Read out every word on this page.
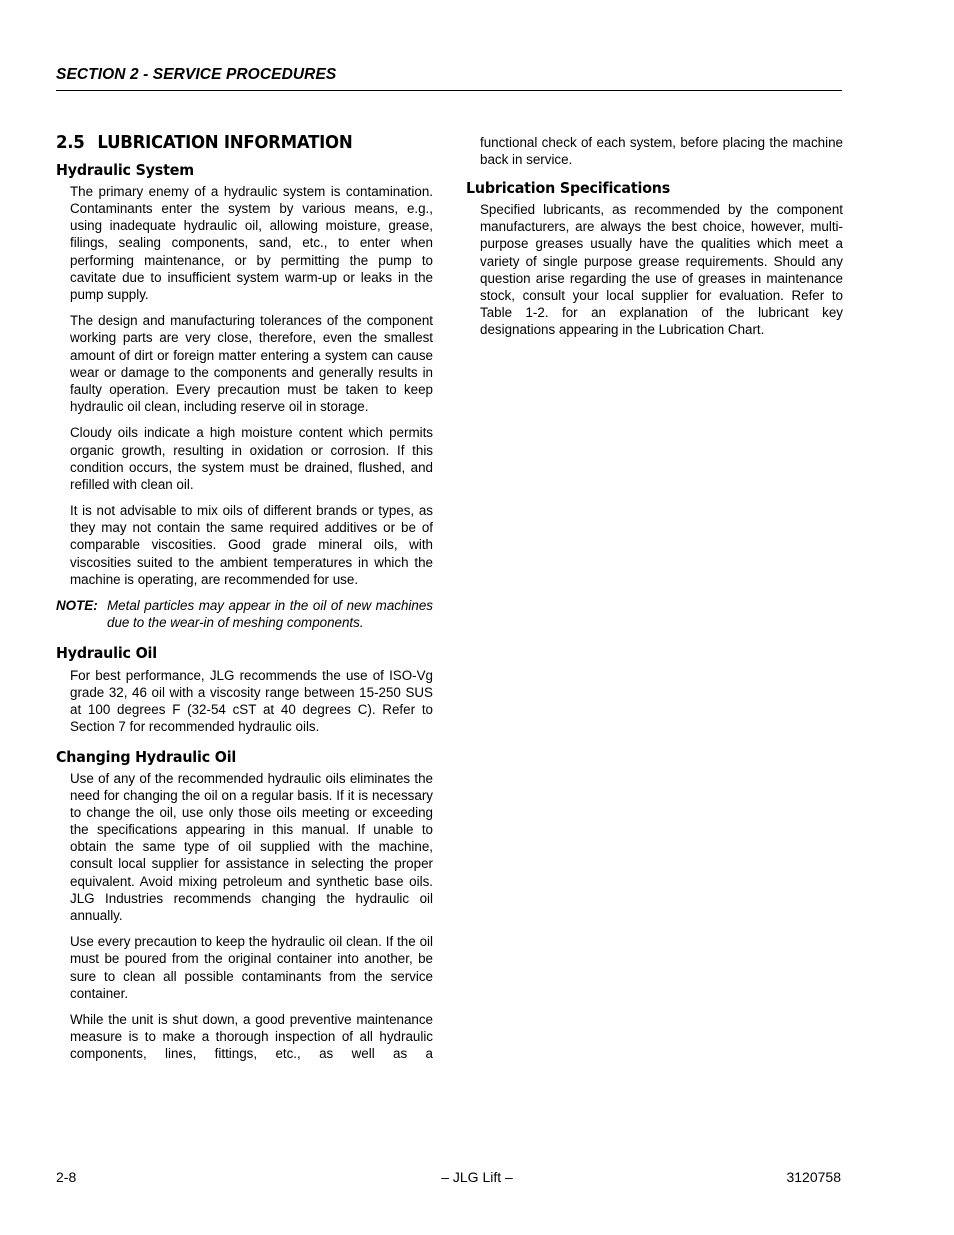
SECTION 2 - SERVICE PROCEDURES
2.5 LUBRICATION INFORMATION
Hydraulic System

The primary enemy of a hydraulic system is contamination. Contaminants enter the system by various means, e.g., using inadequate hydraulic oil, allowing moisture, grease, filings, sealing components, sand, etc., to enter when performing maintenance, or by permitting the pump to cavitate due to insufficient system warm-up or leaks in the pump supply.

The design and manufacturing tolerances of the component working parts are very close, therefore, even the smallest amount of dirt or foreign matter entering a system can cause wear or damage to the components and generally results in faulty operation. Every precaution must be taken to keep hydraulic oil clean, including reserve oil in storage.

Cloudy oils indicate a high moisture content which permits organic growth, resulting in oxidation or corrosion. If this condition occurs, the system must be drained, flushed, and refilled with clean oil.

It is not advisable to mix oils of different brands or types, as they may not contain the same required additives or be of comparable viscosities. Good grade mineral oils, with viscosities suited to the ambient temperatures in which the machine is operating, are recommended for use.

NOTE: Metal particles may appear in the oil of new machines due to the wear-in of meshing components.
Hydraulic Oil

For best performance, JLG recommends the use of ISO-Vg grade 32, 46 oil with a viscosity range between 15-250 SUS at 100 degrees F (32-54 cST at 40 degrees C). Refer to Section 7 for recommended hydraulic oils.

Changing Hydraulic Oil

Use of any of the recommended hydraulic oils eliminates the need for changing the oil on a regular basis. If it is necessary to change the oil, use only those oils meeting or exceeding the specifications appearing in this manual. If unable to obtain the same type of oil supplied with the machine, consult local supplier for assistance in selecting the proper equivalent. Avoid mixing petroleum and synthetic base oils. JLG Industries recommends changing the hydraulic oil annually.

Use every precaution to keep the hydraulic oil clean. If the oil must be poured from the original container into another, be sure to clean all possible contaminants from the service container.

While the unit is shut down, a good preventive maintenance measure is to make a thorough inspection of all hydraulic components, lines, fittings, etc., as well as a

functional check of each system, before placing the machine back in service.

Lubrication Specifications

Specified lubricants, as recommended by the component manufacturers, are always the best choice, however, multi-purpose greases usually have the qualities which meet a variety of single purpose grease requirements. Should any question arise regarding the use of greases in maintenance stock, consult your local supplier for evaluation. Refer to Table 1-2. for an explanation of the lubricant key designations appearing in the Lubrication Chart.

2-8	– JLG Lift –	3120758
